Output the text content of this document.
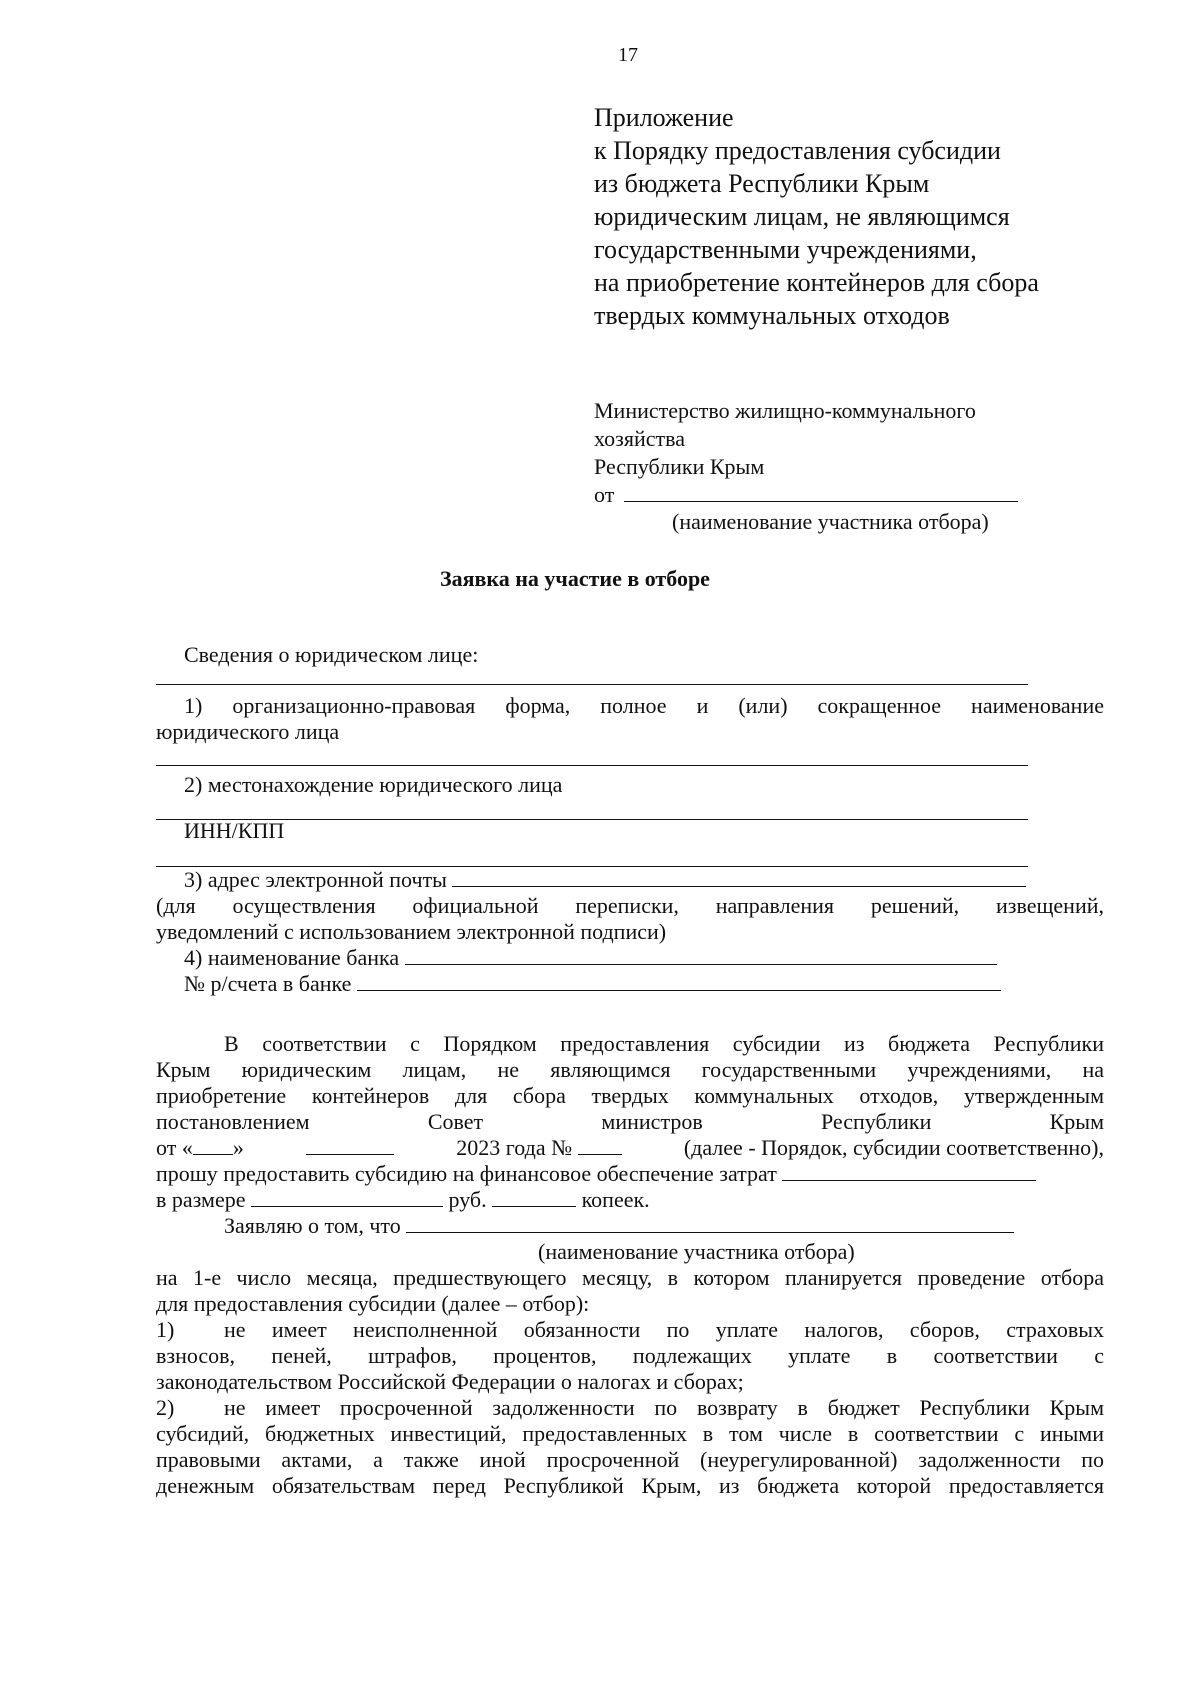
17
Приложение
к Порядку предоставления субсидии
из бюджета Республики Крым
юридическим лицам, не являющимся
государственными учреждениями,
на приобретение контейнеров для сбора
твердых коммунальных отходов
Министерство жилищно-коммунального
хозяйства
Республики Крым
от
(наименование участника отбора)
Заявка на участие в отборе
Сведения о юридическом лице:
1) организационно-правовая форма, полное и (или) сокращенное наименование
юридического лица
2) местонахождение юридического лица
ИНН/КПП
3) адрес электронной почты
(для осуществления официальной переписки, направления решений, извещений,
уведомлений с использованием электронной подписи)
4) наименование банка
№ р/счета в банке
В соответствии с Порядком предоставления субсидии из бюджета Республики
Крым юридическим лицам, не являющимся государственными учреждениями, на
приобретение контейнеров для сбора твердых коммунальных отходов, утвержденным
постановлением Совет министров Республики Крым
от « »	2023 года №	(далее - Порядок, субсидии соответственно),
прошу предоставить субсидию на финансовое обеспечение затрат
в размере	руб.	копеек.
Заявляю о том, что
(наименование участника отбора)
на 1-е число месяца, предшествующего месяцу, в котором планируется проведение отбора
для предоставления субсидии (далее – отбор):
1)	не имеет неисполненной обязанности по уплате налогов, сборов, страховых
взносов, пеней, штрафов, процентов, подлежащих уплате в соответствии с
законодательством Российской Федерации о налогах и сборах;
2)	не имеет просроченной задолженности по возврату в бюджет Республики Крым
субсидий, бюджетных инвестиций, предоставленных в том числе в соответствии с иными
правовыми актами, а также иной просроченной (неурегулированной) задолженности по
денежным обязательствам перед Республикой Крым, из бюджета которой предоставляется
